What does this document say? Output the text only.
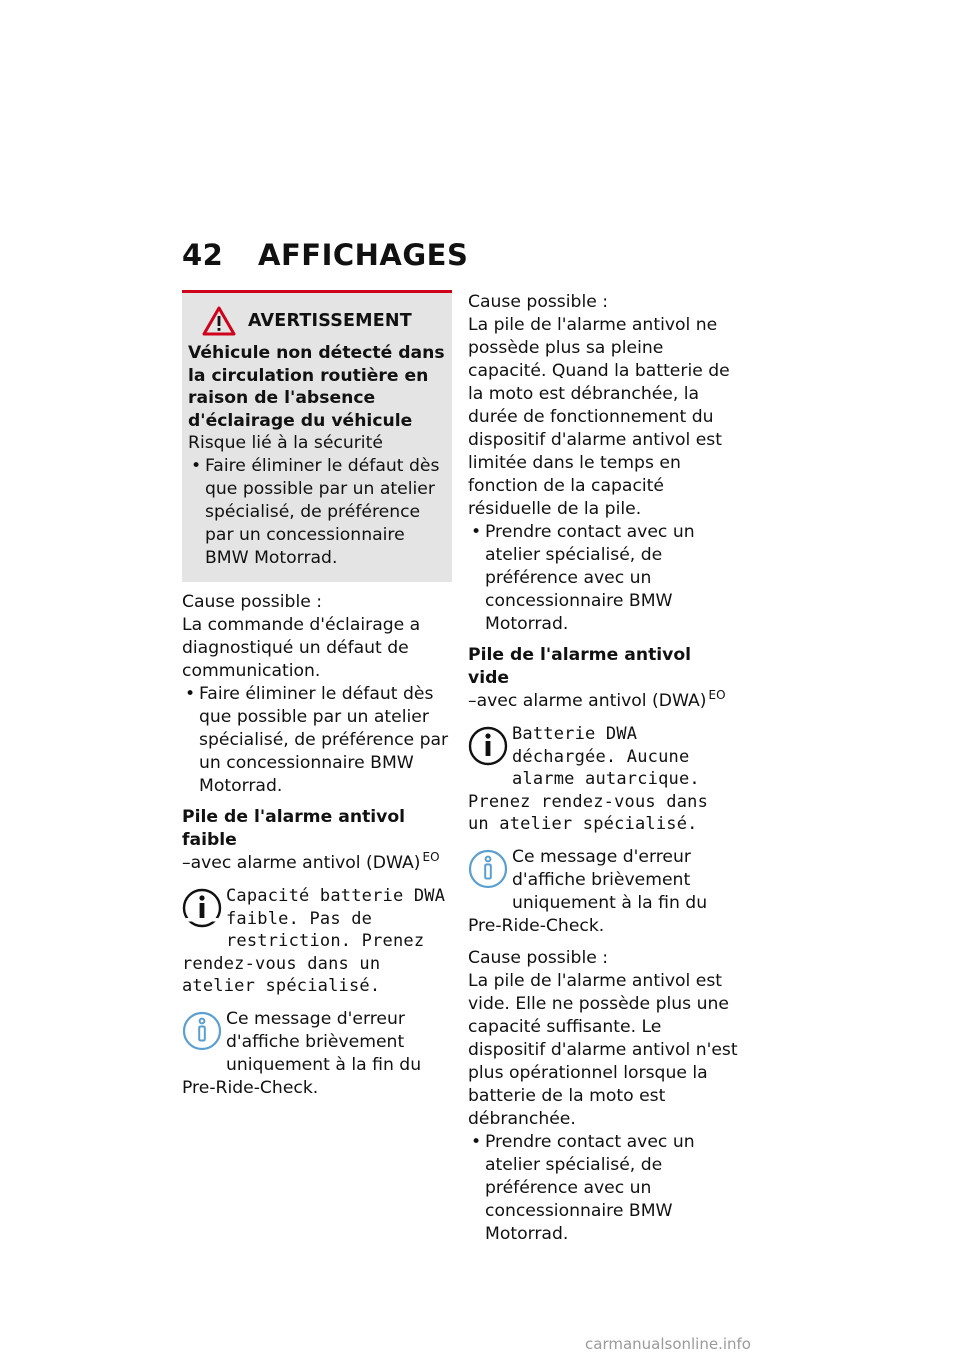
42 AFFICHAGES
AVERTISSEMENT

Véhicule non détecté dans la circulation routière en raison de l'absence d'éclairage du véhicule

Risque lié à la sécurité

• Faire éliminer le défaut dès que possible par un atelier spécialisé, de préférence par un concessionnaire BMW Motorrad.

Cause possible :

La commande d'éclairage a diagnostiqué un défaut de communication.

• Faire éliminer le défaut dès que possible par un atelier spécialisé, de préférence par un concessionnaire BMW Motorrad.

Pile de l'alarme antivol faible

–avec alarme antivol (DWA) $^{EO}$

Capacité batterie DWA faible. Pas de restriction. Prenez rendez-vous dans un atelier spécialisé.

Ce message d'erreur d'affiche brièvement uniquement à la fin du Pre-Ride-Check.

Cause possible :

La pile de l'alarme antivol ne possède plus sa pleine capacité. Quand la batterie de la moto est débranchée, la durée de fonctionnement du dispositif d'alarme antivol est limitée dans le temps en fonction de la capacité résiduelle de la pile.

• Prendre contact avec un atelier spécialisé, de préférence avec un concessionnaire BMW Motorrad.

Pile de l'alarme antivol vide

–avec alarme antivol (DWA) $^{EO}$

Batterie DWA déchargée. Aucune alarme autarcique. Prenez rendez-vous dans un atelier spécialisé.

Ce message d'erreur d'affiche brièvement uniquement à la fin du Pre-Ride-Check.

Cause possible :

La pile de l'alarme antivol est vide. Elle ne possède plus une capacité suffisante. Le dispositif d'alarme antivol n'est plus opérationnel lorsque la batterie de la moto est débranchée.

• Prendre contact avec un atelier spécialisé, de préférence avec un concessionnaire BMW Motorrad.
carmanualsonline.info
